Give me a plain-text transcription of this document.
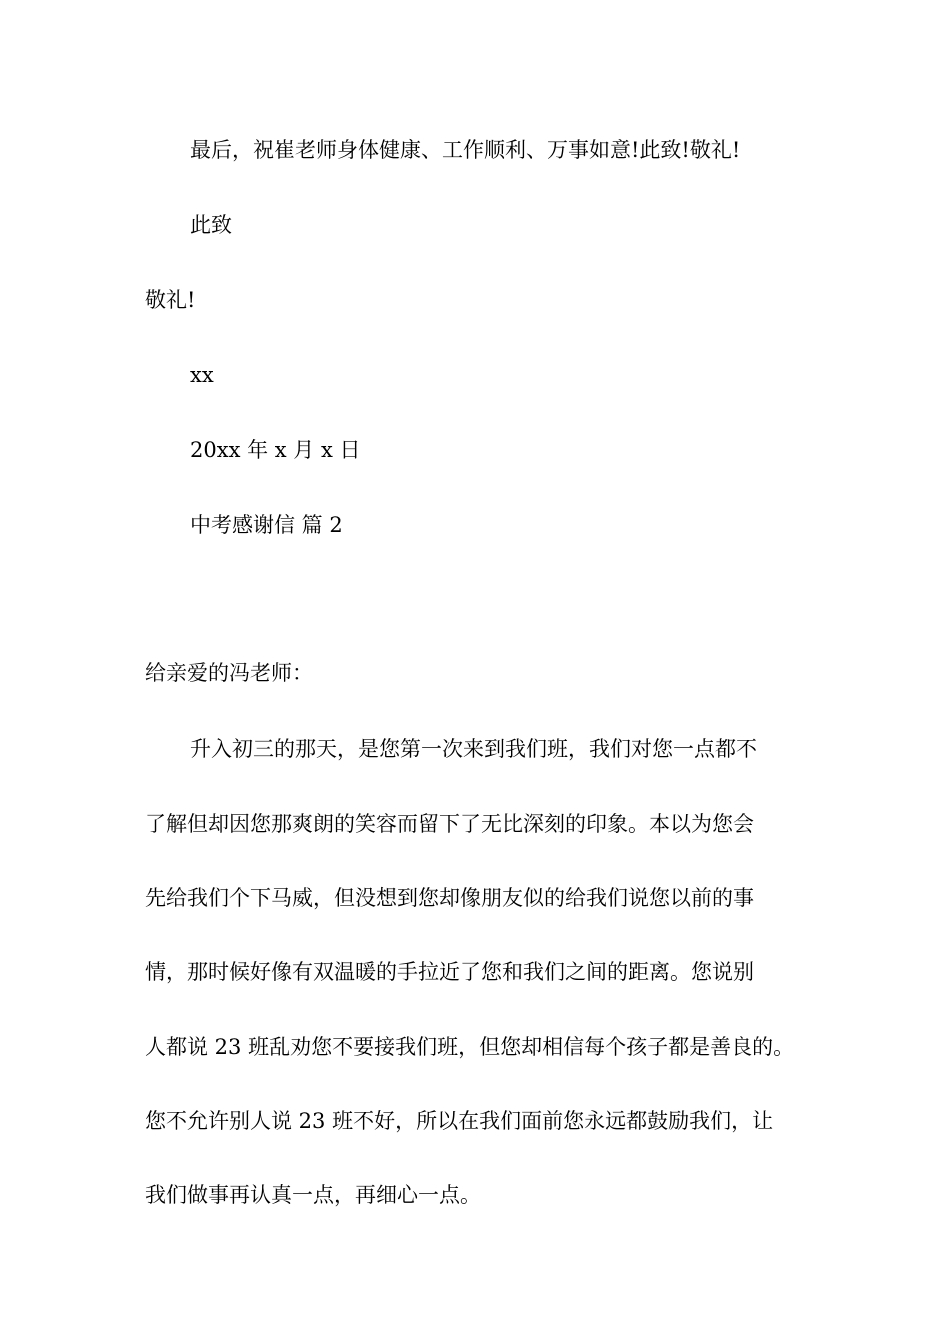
最后，祝崔老师身体健康、工作顺利、万事如意!此致!敬礼!
此致
敬礼!
xx
20xx 年 x 月 x 日
中考感谢信 篇 2
给亲爱的冯老师：
升入初三的那天，是您第一次来到我们班，我们对您一点都不
了解但却因您那爽朗的笑容而留下了无比深刻的印象。本以为您会
先给我们个下马威，但没想到您却像朋友似的给我们说您以前的事
情，那时候好像有双温暖的手拉近了您和我们之间的距离。您说别
人都说 23 班乱劝您不要接我们班，但您却相信每个孩子都是善良的。
您不允许别人说 23 班不好，所以在我们面前您永远都鼓励我们，让
我们做事再认真一点，再细心一点。
